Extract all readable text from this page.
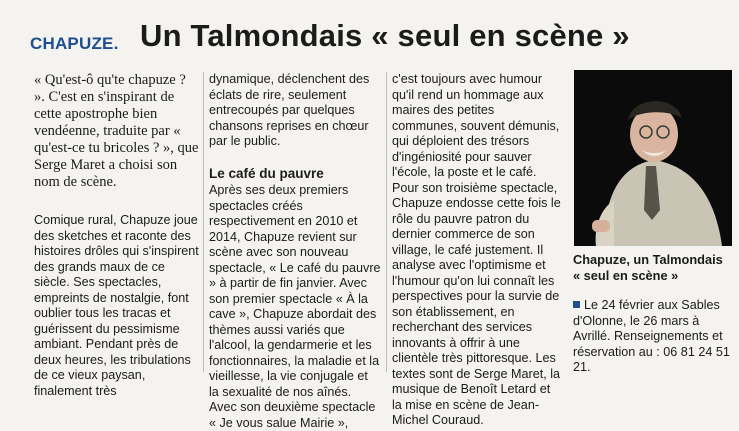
CHAPUZE. Un Talmondais « seul en scène »

« Qu'est-ô qu'te chapuze ? ». C'est en s'inspirant de cette apostrophe bien vendéenne, traduite par « qu'est-ce tu bricoles ? », que Serge Maret a choisi son nom de scène.

Comique rural, Chapuze joue des sketches et raconte des histoires drôles qui s'inspirent des grands maux de ce siècle. Ses spectacles, empreints de nostalgie, font oublier tous les tracas et guérissent du pessimisme ambiant. Pendant près de deux heures, les tribulations de ce vieux paysan, finalement très

dynamique, déclenchent des éclats de rire, seulement entrecoupés par quelques chansons reprises en chœur par le public.

Le café du pauvre

Après ses deux premiers spectacles créés respectivement en 2010 et 2014, Chapuze revient sur scène avec son nouveau spectacle, « Le café du pauvre » à partir de fin janvier. Avec son premier spectacle « À la cave », Chapuze abordait des thèmes aussi variés que l'alcool, la gendarmerie et les fonctionnaires, la maladie et la vieillesse, la vie conjugale et la sexualité de nos aînés. Avec son deuxième spectacle « Je vous salue Mairie »,

c'est toujours avec humour qu'il rend un hommage aux maires des petites communes, souvent démunis, qui déploient des trésors d'ingéniosité pour sauver l'école, la poste et le café. Pour son troisième spectacle, Chapuze endosse cette fois le rôle du pauvre patron du dernier commerce de son village, le café justement. Il analyse avec l'optimisme et l'humour qu'on lui connaît les perspectives pour la survie de son établissement, en recherchant des services innovants à offrir à une clientèle très pittoresque. Les textes sont de Serge Maret, la musique de Benoît Letard et la mise en scène de Jean-Michel Couraud.

Chapuze, un Talmondais « seul en scène »
Le 24 février aux Sables d'Olonne, le 26 mars à Avrillé. Renseignements et réservation au : 06 81 24 51 21.
